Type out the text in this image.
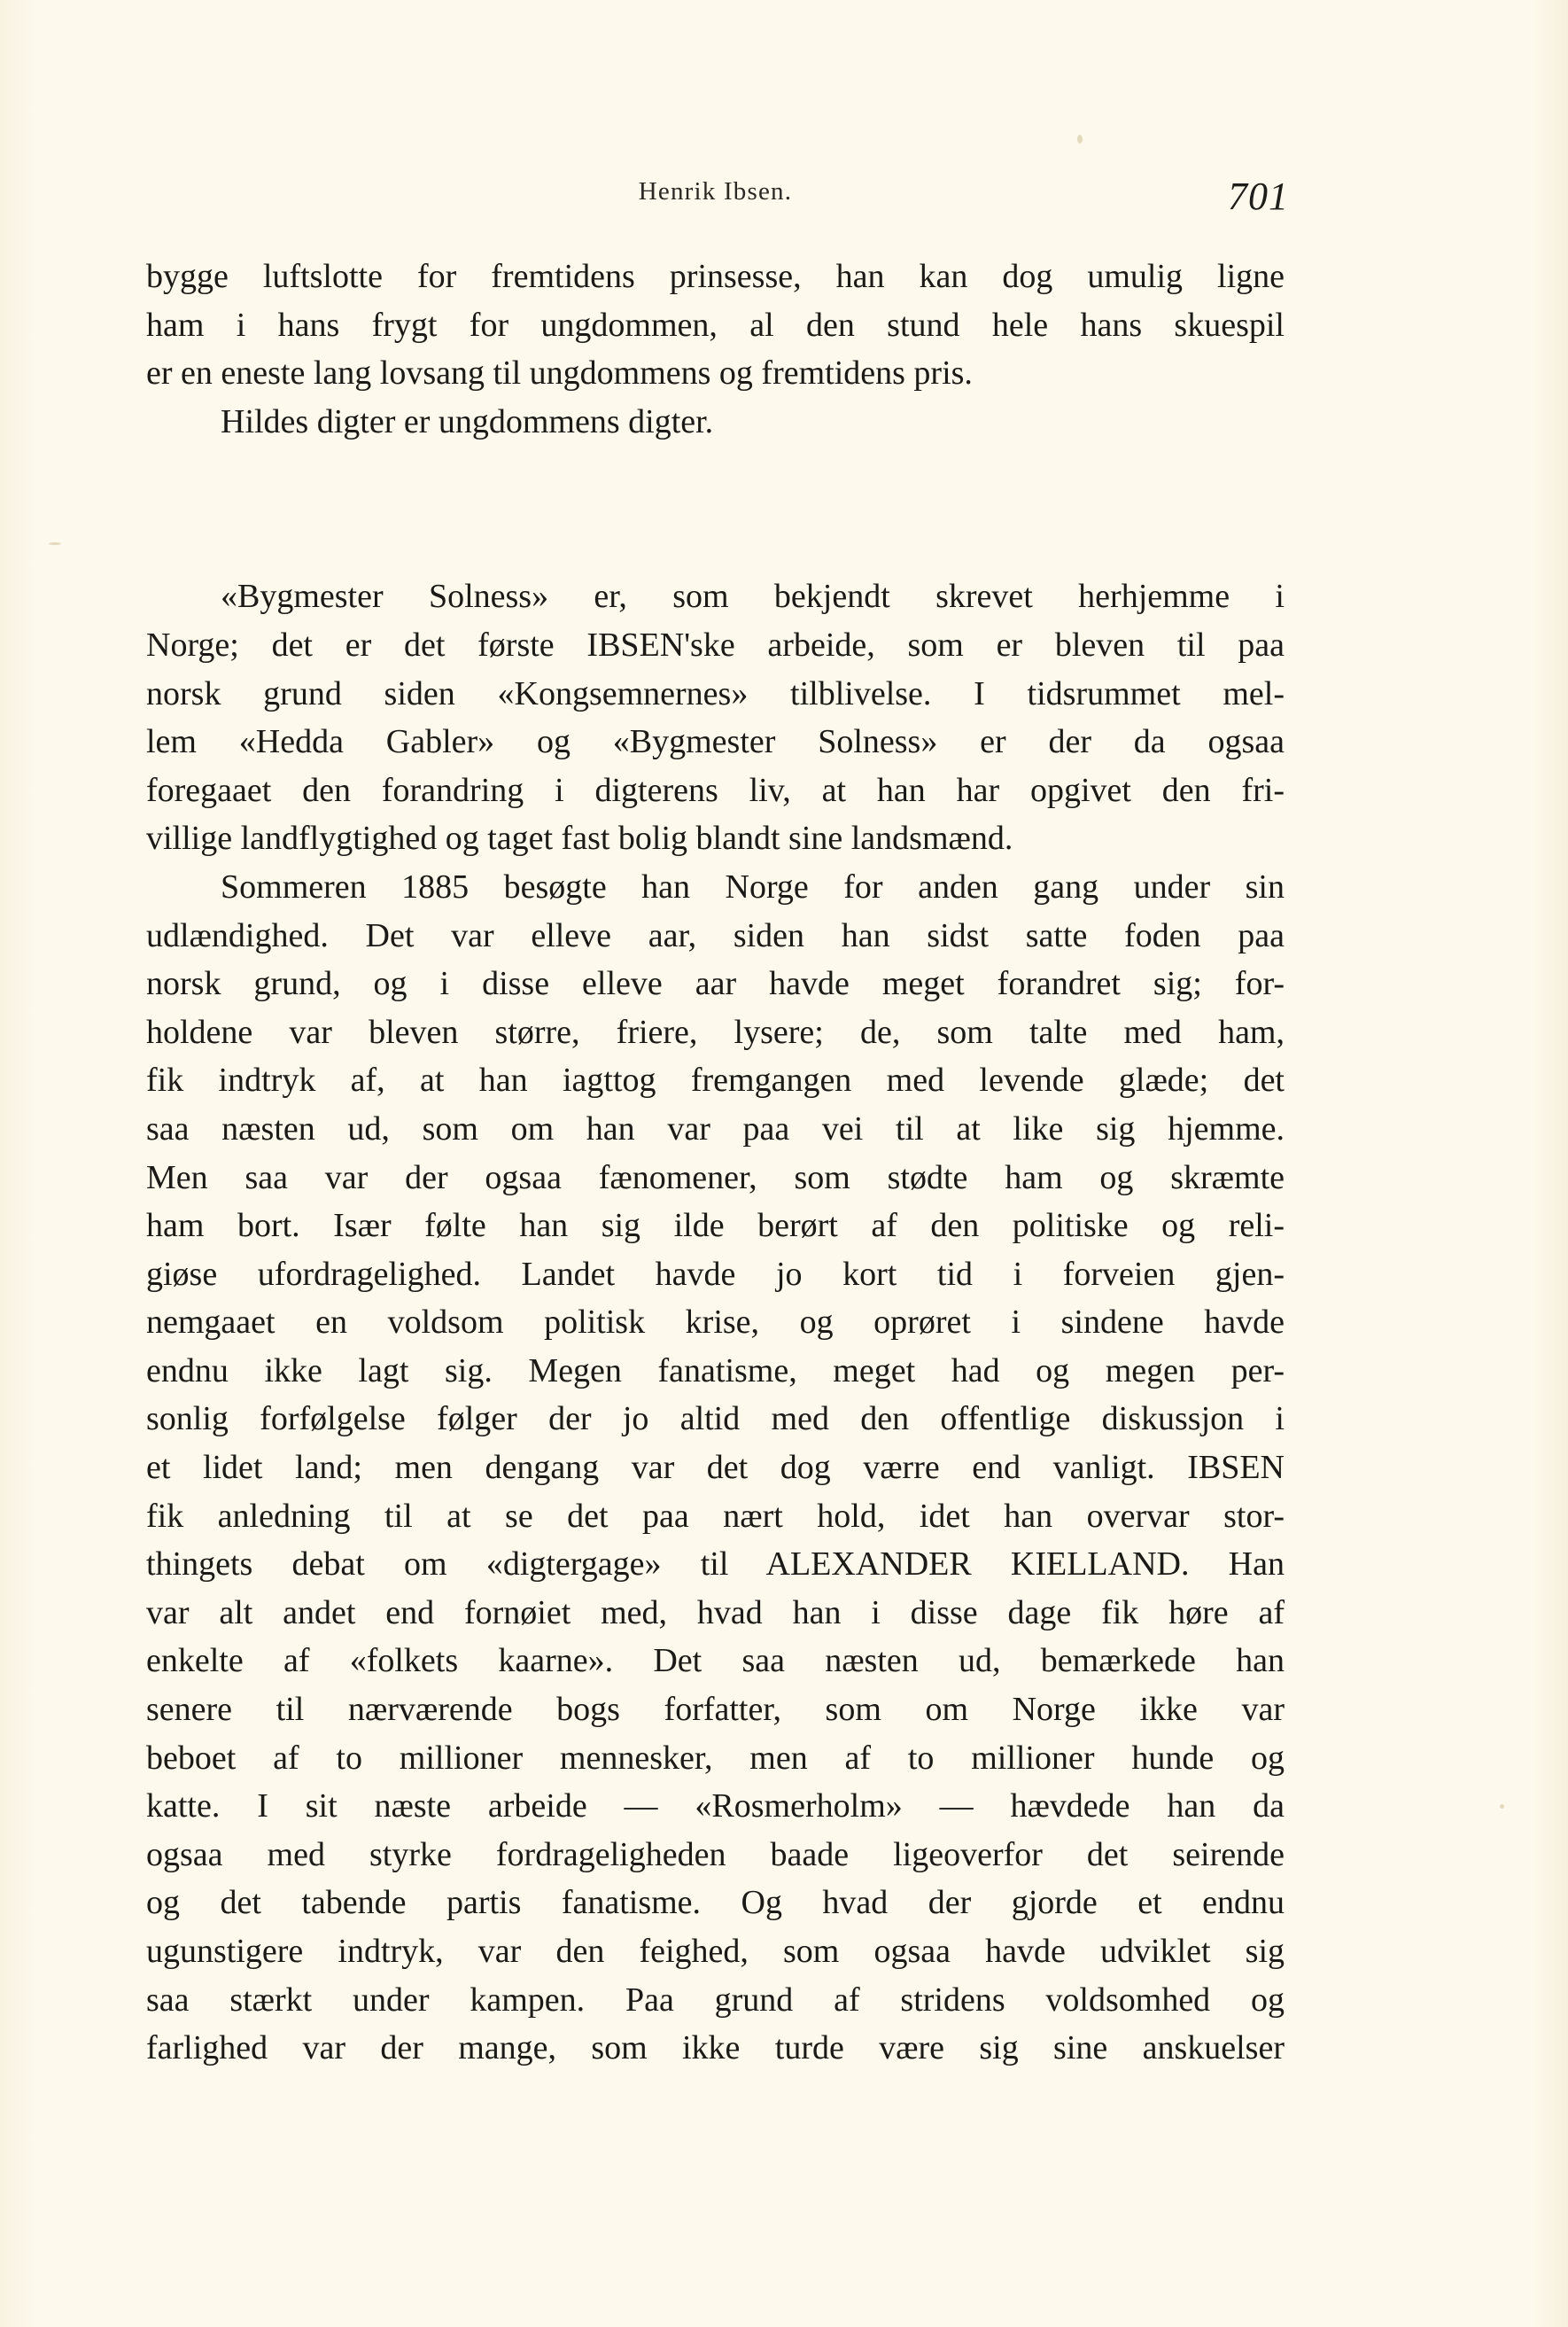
Henrik Ibsen.	701
bygge luftslotte for fremtidens prinsesse, han kan dog umulig ligne
ham i hans frygt for ungdommen, al den stund hele hans skuespil
er en eneste lang lovsang til ungdommens og fremtidens pris.
Hildes digter er ungdommens digter.
«Bygmester Solness» er, som bekjendt skrevet herhjemme i
Norge; det er det første IBSEN'ske arbeide, som er bleven til paa
norsk grund siden «Kongsemnernes» tilblivelse. I tidsrummet mel-
lem «Hedda Gabler» og «Bygmester Solness» er der da ogsaa
foregaaet den forandring i digterens liv, at han har opgivet den fri-
villige landflygtighed og taget fast bolig blandt sine landsmænd.
Sommeren 1885 besøgte han Norge for anden gang under sin
udlændighed. Det var elleve aar, siden han sidst satte foden paa
norsk grund, og i disse elleve aar havde meget forandret sig; for-
holdene var bleven større, friere, lysere; de, som talte med ham,
fik indtryk af, at han iagttog fremgangen med levende glæde; det
saa næsten ud, som om han var paa vei til at like sig hjemme.
Men saa var der ogsaa fænomener, som stødte ham og skræmte
ham bort. Især følte han sig ilde berørt af den politiske og reli-
giøse ufordragelighed. Landet havde jo kort tid i forveien gjen-
nemgaaet en voldsom politisk krise, og oprøret i sindene havde
endnu ikke lagt sig. Megen fanatisme, meget had og megen per-
sonlig forfølgelse følger der jo altid med den offentlige diskussjon i
et lidet land; men dengang var det dog værre end vanligt. IBSEN
fik anledning til at se det paa nært hold, idet han overvar stor-
thingets debat om «digtergage» til ALEXANDER KIELLAND. Han
var alt andet end fornøiet med, hvad han i disse dage fik høre af
enkelte af «folkets kaarne». Det saa næsten ud, bemærkede han
senere til nærværende bogs forfatter, som om Norge ikke var
beboet af to millioner mennesker, men af to millioner hunde og
katte. I sit næste arbeide — «Rosmerholm» — hævdede han da
ogsaa med styrke fordrageligheden baade ligeoverfor det seirende
og det tabende partis fanatisme. Og hvad der gjorde et endnu
ugunstigere indtryk, var den feighed, som ogsaa havde udviklet sig
saa stærkt under kampen. Paa grund af stridens voldsomhed og
farlighed var der mange, som ikke turde være sig sine anskuelser
